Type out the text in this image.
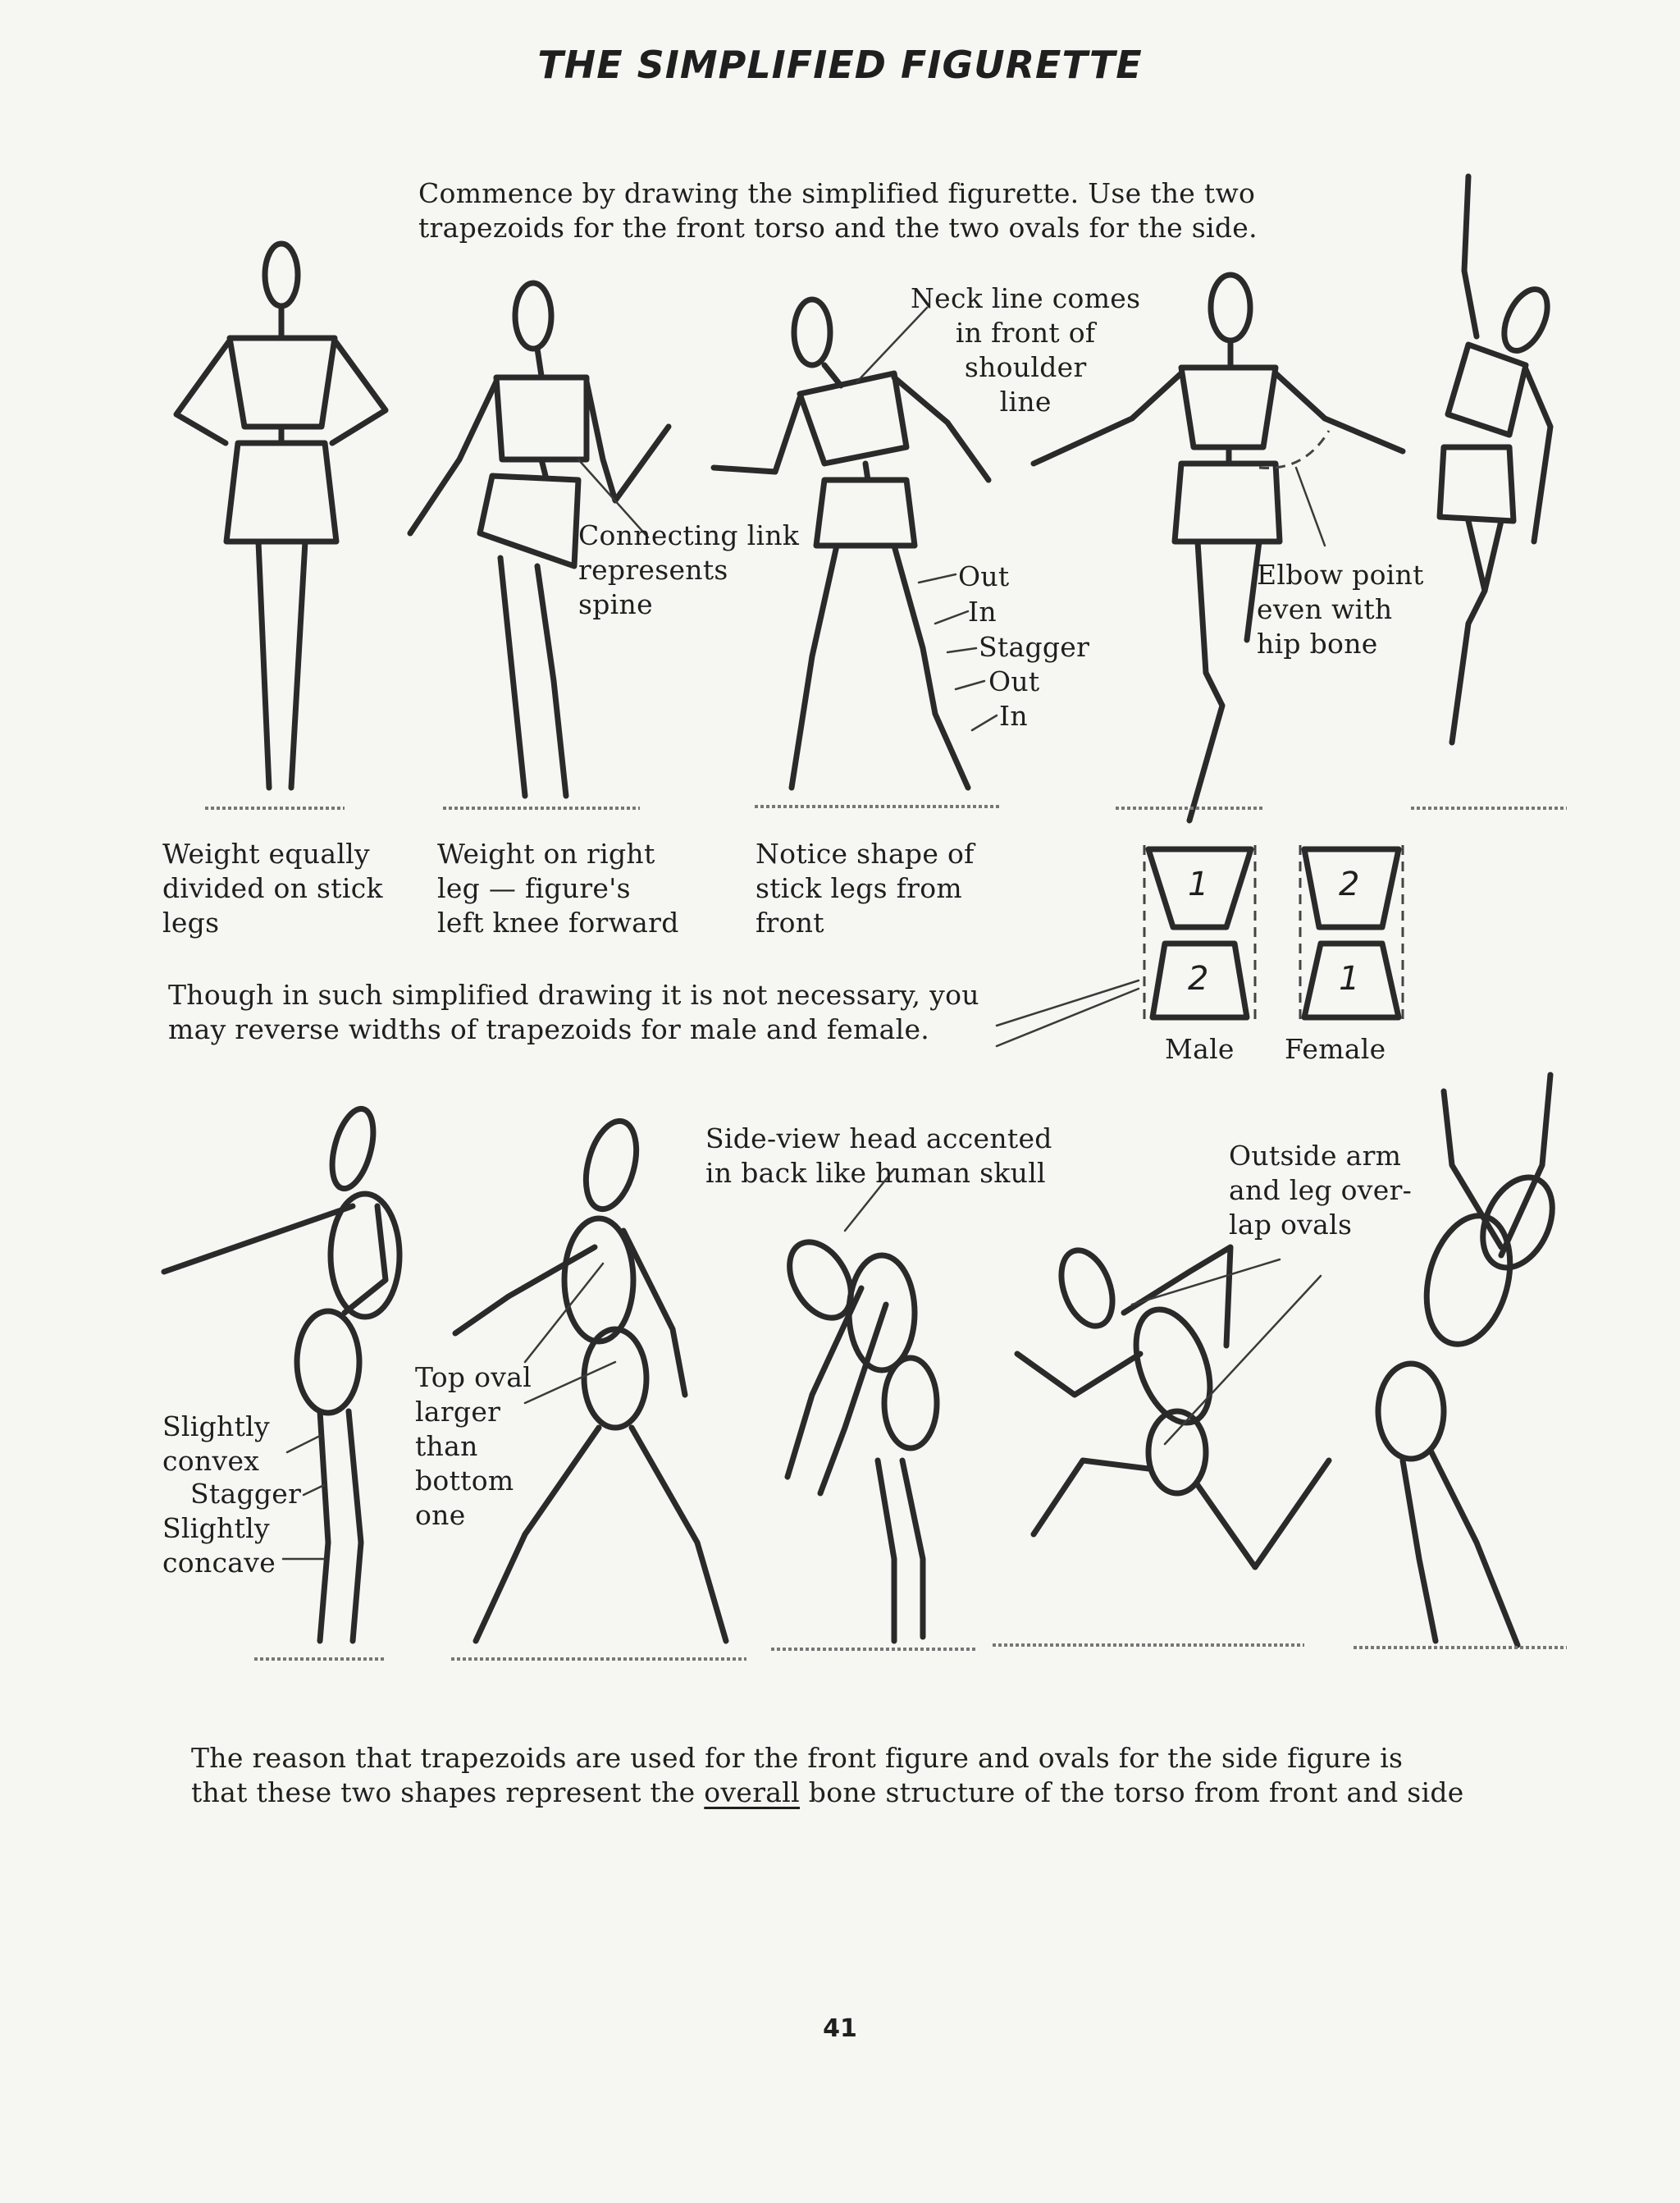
THE SIMPLIFIED FIGURETTE
1
2
2
1
Commence by drawing the simplified figurette. Use the two
trapezoids for the front torso and the two ovals for the side.
Neck line comes
in front of
shoulder
line
Connecting link
represents
spine
Out
In
Stagger
Out
In
Elbow point
even with
hip bone
Weight equally
divided on stick
legs
Weight on right
leg — figure's
left knee forward
Notice shape of
stick legs from
front
Though in such simplified drawing it is not necessary, you
may reverse widths of trapezoids for male and female.
Male Female
Side-view head accented
in back like human skull
Outside arm
and leg over-
lap ovals
Slightly
convex
Stagger
Slightly
concave
Top oval
larger
than
bottom
one
The reason that trapezoids are used for the front figure and ovals for the side figure is
that these two shapes represent the overall bone structure of the torso from front and side
41
